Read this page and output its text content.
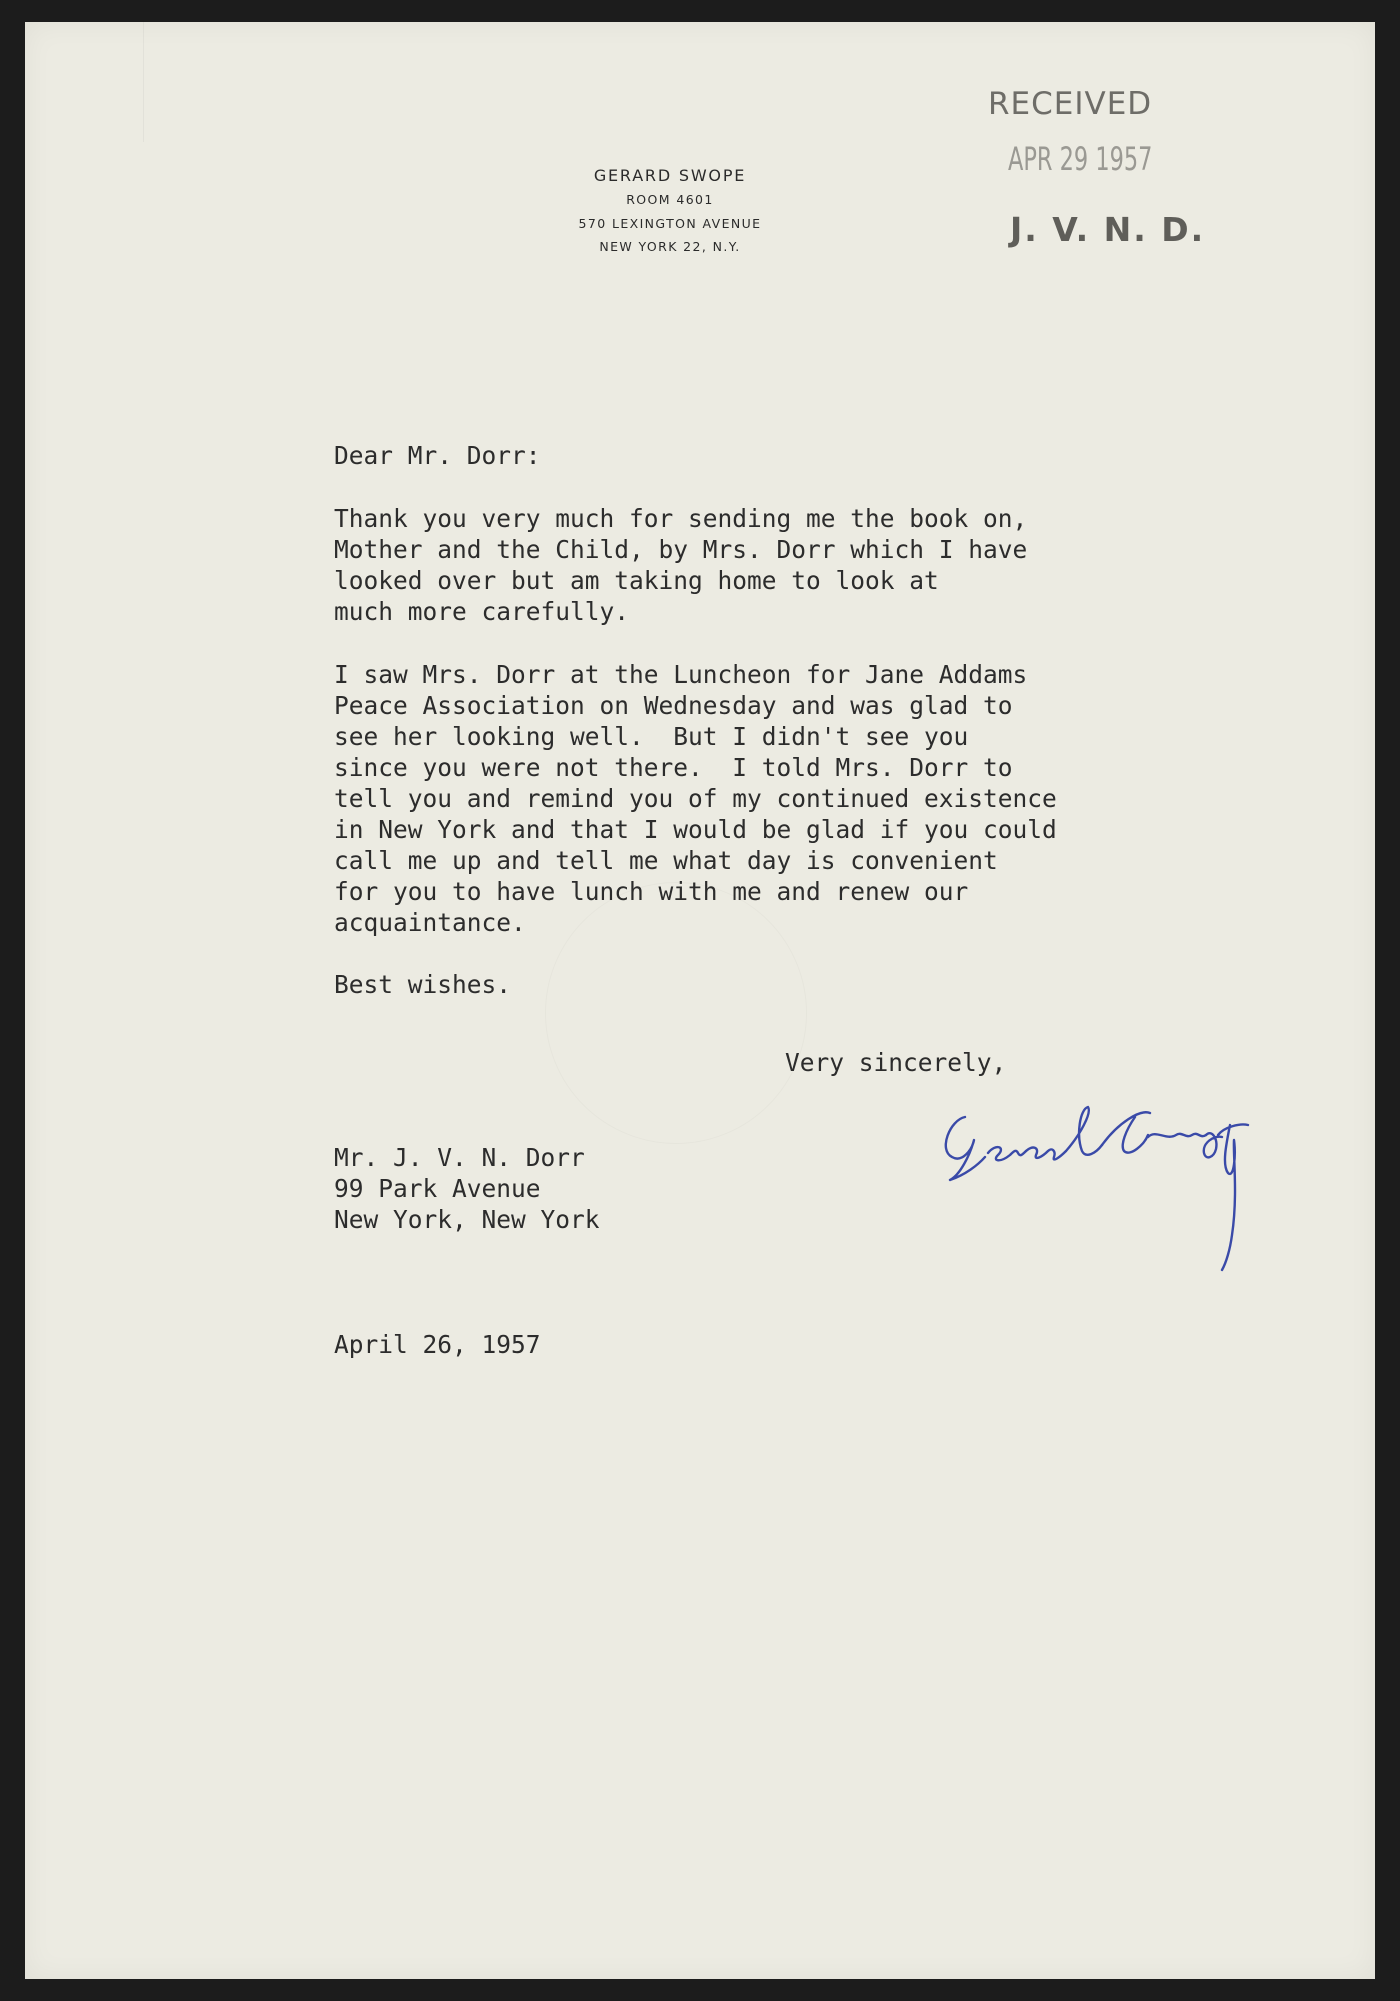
GERARD SWOPE
ROOM 4601
570 LEXINGTON AVENUE
NEW YORK 22, N.Y.
RECEIVED
APR 29 1957
J. V. N. D.
Dear Mr. Dorr:
Thank you very much for sending me the book on,
Mother and the Child, by Mrs. Dorr which I have
looked over but am taking home to look at
much more carefully.
I saw Mrs. Dorr at the Luncheon for Jane Addams
Peace Association on Wednesday and was glad to
see her looking well.  But I didn't see you
since you were not there.  I told Mrs. Dorr to
tell you and remind you of my continued existence
in New York and that I would be glad if you could
call me up and tell me what day is convenient
for you to have lunch with me and renew our
acquaintance.
Best wishes.
Very sincerely,
Mr. J. V. N. Dorr
99 Park Avenue
New York, New York
April 26, 1957
